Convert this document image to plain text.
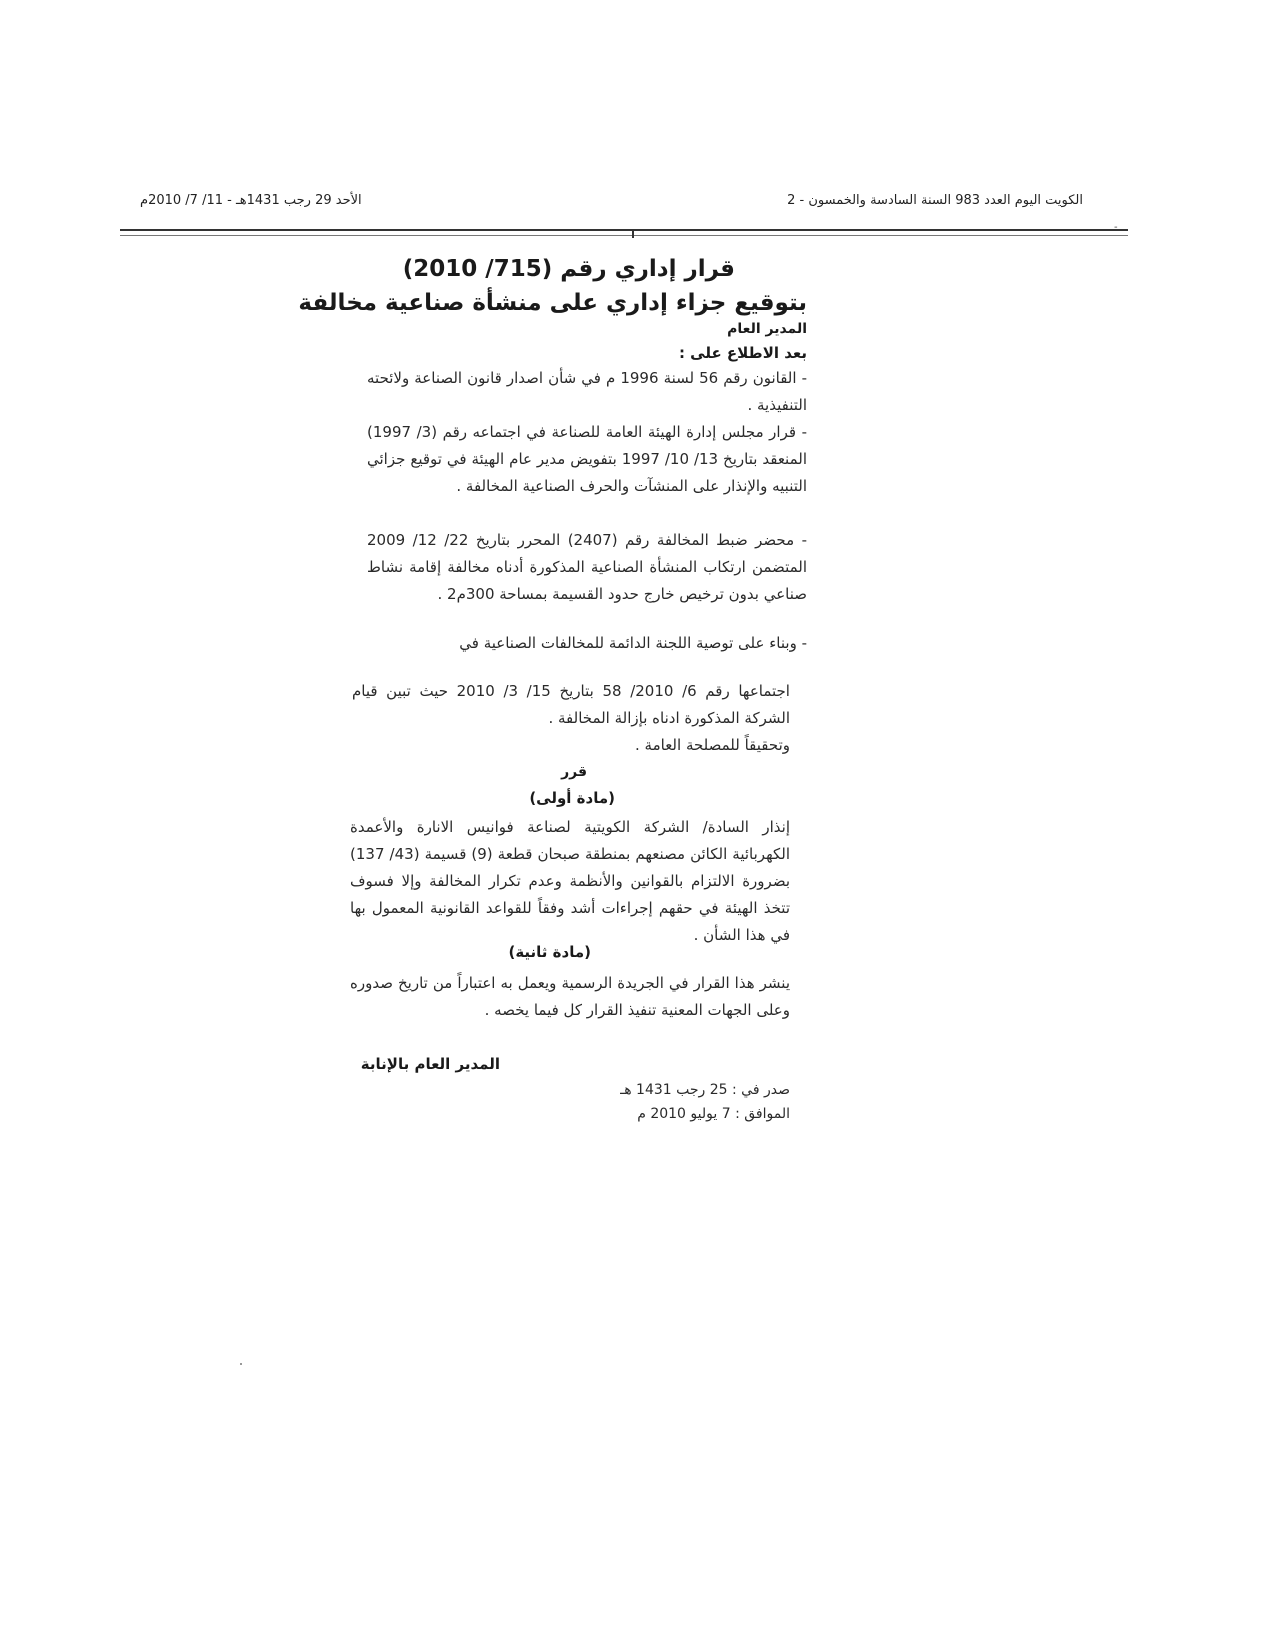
الكويت اليوم العدد 983 السنة السادسة والخمسون - 2
الأحد 29 رجب 1431هـ - 11/ 7/ 2010م
-
قرار إداري رقم (715/ 2010)
بتوقيع جزاء إداري على منشأة صناعية مخالفة
المدير العام
بعد الاطلاع على :
- القانون رقم 56 لسنة 1996 م في شأن اصدار قانون الصناعة ولائحته التنفيذية .
- قرار مجلس إدارة الهيئة العامة للصناعة في اجتماعه رقم (3/ 1997) المنعقد بتاريخ 13/ 10/ 1997 بتفويض مدير عام الهيئة في توقيع جزائي التنبيه والإنذار على المنشآت والحرف الصناعية المخالفة .
- محضر ضبط المخالفة رقم (2407) المحرر بتاريخ 22/ 12/ 2009 المتضمن ارتكاب المنشأة الصناعية المذكورة أدناه مخالفة إقامة نشاط صناعي بدون ترخيص خارج حدود القسيمة بمساحة 300م2 .
- وبناء على توصية اللجنة الدائمة للمخالفات الصناعية في
اجتماعها رقم 6/ 2010/ 58 بتاريخ 15/ 3/ 2010 حيث تبين قيام الشركة المذكورة ادناه بإزالة المخالفة .
وتحقيقاً للمصلحة العامة .
قرر
(مادة أولى)
إنذار السادة/ الشركة الكويتية لصناعة فوانيس الانارة والأعمدة الكهربائية الكائن مصنعهم بمنطقة صبحان قطعة (9) قسيمة (43/ 137) بضرورة الالتزام بالقوانين والأنظمة وعدم تكرار المخالفة وإلا فسوف تتخذ الهيئة في حقهم إجراءات أشد وفقاً للقواعد القانونية المعمول بها في هذا الشأن .
(مادة ثانية)
ينشر هذا القرار في الجريدة الرسمية ويعمل به اعتباراً من تاريخ صدوره وعلى الجهات المعنية تنفيذ القرار كل فيما يخصه .
المدير العام بالإنابة
صدر في : 25 رجب 1431 هـ
الموافق : 7 يوليو 2010 م
